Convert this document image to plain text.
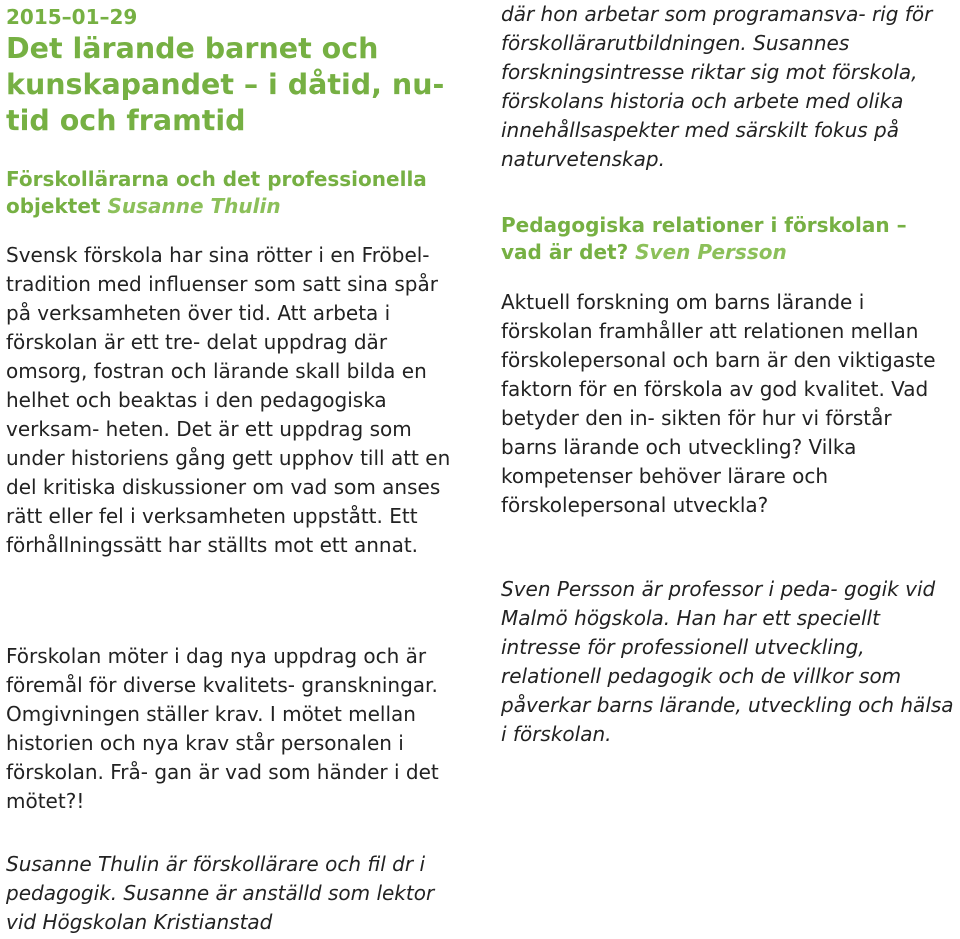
2015–01–29
Det lärande barnet och kunskapandet – i dåtid, nu- tid och framtid

Förskollärarna och det professionella objektet Susanne Thulin

Svensk förskola har sina rötter i en Fröbel-tradition med influenser som satt sina spår på verksamheten över tid. Att arbeta i förskolan är ett tre- delat uppdrag där omsorg, fostran och lärande skall bilda en helhet och beaktas i den pedagogiska verksam- heten. Det är ett uppdrag som under historiens gång gett upphov till att en del kritiska diskussioner om vad som anses rätt eller fel i verksamheten uppstått. Ett förhållningssätt har ställts mot ett annat.

Förskolan möter i dag nya uppdrag och är föremål för diverse kvalitets- granskningar. Omgivningen ställer krav. I mötet mellan historien och nya krav står personalen i förskolan. Frå- gan är vad som händer i det mötet?!

Susanne Thulin är förskollärare och fil dr i pedagogik. Susanne är anställd som lektor vid Högskolan Kristianstad

där hon arbetar som programansva- rig för förskollärarutbildningen. Susannes forskningsintresse riktar sig mot förskola, förskolans historia och arbete med olika innehållsaspekter med särskilt fokus på naturvetenskap.

Pedagogiska relationer i förskolan – vad är det? Sven Persson

Aktuell forskning om barns lärande i förskolan framhåller att relationen mellan förskolepersonal och barn är den viktigaste faktorn för en förskola av god kvalitet. Vad betyder den in- sikten för hur vi förstår barns lärande och utveckling? Vilka kompetenser behöver lärare och förskolepersonal utveckla?

Sven Persson är professor i peda- gogik vid Malmö högskola. Han har ett speciellt intresse för professionell utveckling, relationell pedagogik och de villkor som påverkar barns lärande, utveckling och hälsa i förskolan.
